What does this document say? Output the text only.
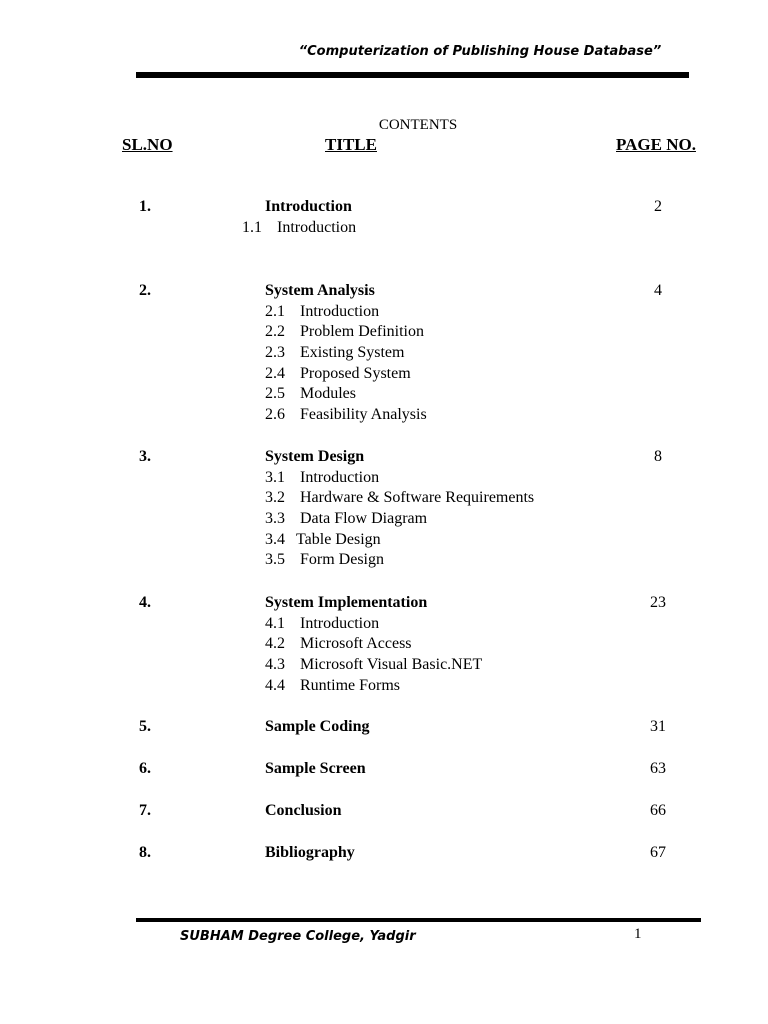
“Computerization of Publishing House Database”
CONTENTS
SL.NO	TITLE	PAGE NO.
1.	Introduction	2
1.1 Introduction
2.	System Analysis	4
2.1 Introduction
2.2 Problem Definition
2.3 Existing System
2.4 Proposed System
2.5 Modules
2.6 Feasibility Analysis
3.	System Design	8
3.1 Introduction
3.2 Hardware & Software Requirements
3.3 Data Flow Diagram
3.4 Table Design
3.5 Form Design
4.	System Implementation	23
4.1 Introduction
4.2 Microsoft Access
4.3 Microsoft Visual Basic.NET
4.4 Runtime Forms
5.	Sample Coding	31
6.	Sample Screen	63
7.	Conclusion	66
8.	Bibliography	67
SUBHAM Degree College, Yadgir	1
